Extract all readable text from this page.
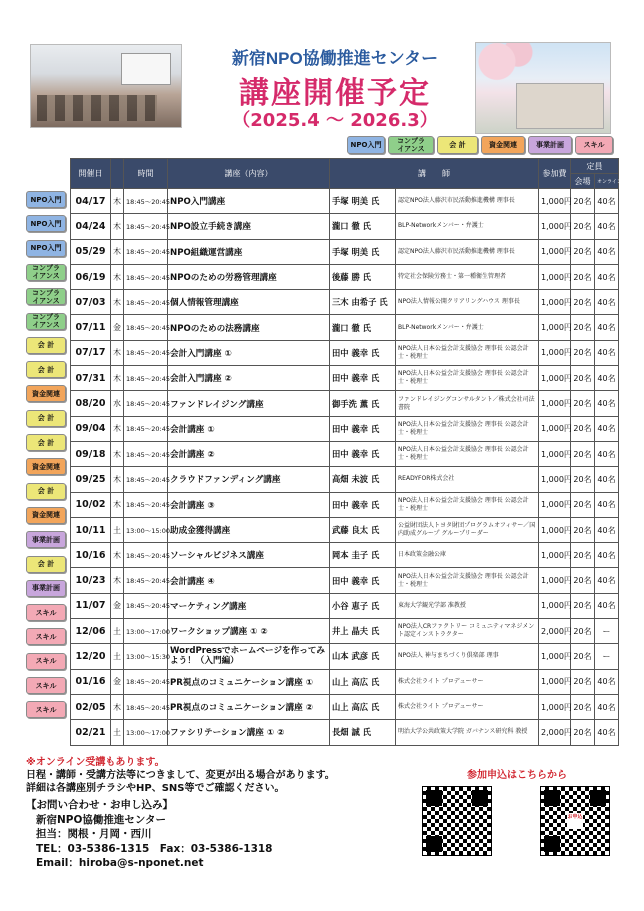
新宿NPO協働推進センター
講座開催予定
（2025.4 ～ 2026.3）
NPO入門	コンプラ
イアンス	会 計	資金関連	事業計画	スキル
開催日		時間	講座（内容）	講　　師		参加費	定員	
							会場	オンライン
04/17	木	18:45～20:45	NPO入門講座	手塚 明美 氏	認定NPO法人藤沢市民活動推進機構 理事長	1,000円	20名	40名
04/24	木	18:45～20:45	NPO設立手続き講座	瀧口 徹 氏	BLP-Networkメンバー・弁護士	1,000円	20名	40名
05/29	木	18:45～20:45	NPO組織運営講座	手塚 明美 氏	認定NPO法人藤沢市民活動推進機構 理事長	1,000円	20名	40名
06/19	木	18:45～20:45	NPOのための労務管理講座	後藤 勝 氏	特定社会保険労務士・第一種衛生管理者	1,000円	20名	40名
07/03	木	18:45～20:45	個人情報管理講座	三木 由希子 氏	NPO法人情報公開クリアリングハウス 理事長	1,000円	20名	40名
07/11	金	18:45～20:45	NPOのための法務講座	瀧口 徹 氏	BLP-Networkメンバー・弁護士	1,000円	20名	40名
07/17	木	18:45～20:45	会計入門講座 ①	田中 義幸 氏	NPO法人日本公益会計支援協会 理事長 公認会計士・税理士	1,000円	20名	40名
07/31	木	18:45～20:45	会計入門講座 ②	田中 義幸 氏	NPO法人日本公益会計支援協会 理事長 公認会計士・税理士	1,000円	20名	40名
08/20	水	18:45～20:45	ファンドレイジング講座	御手洗 薫 氏	ファンドレイジングコンサルタント／株式会社司法書院	1,000円	20名	40名
09/04	木	18:45～20:45	会計講座 ①	田中 義幸 氏	NPO法人日本公益会計支援協会 理事長 公認会計士・税理士	1,000円	20名	40名
09/18	木	18:45～20:45	会計講座 ②	田中 義幸 氏	NPO法人日本公益会計支援協会 理事長 公認会計士・税理士	1,000円	20名	40名
09/25	木	18:45～20:45	クラウドファンディング講座	高畑 未波 氏	READYFOR株式会社	1,000円	20名	40名
10/02	木	18:45～20:45	会計講座 ③	田中 義幸 氏	NPO法人日本公益会計支援協会 理事長 公認会計士・税理士	1,000円	20名	40名
10/11	土	13:00～15:00	助成金獲得講座	武藤 良太 氏	公益財団法人トヨタ財団プログラムオフィサー／国内助成グループ グループリーダー	1,000円	20名	40名
10/16	木	18:45～20:45	ソーシャルビジネス講座	岡本 圭子 氏	日本政策金融公庫	1,000円	20名	40名
10/23	木	18:45～20:45	会計講座 ④	田中 義幸 氏	NPO法人日本公益会計支援協会 理事長 公認会計士・税理士	1,000円	20名	40名
11/07	金	18:45～20:45	マーケティング講座	小谷 恵子 氏	東海大学観光学部 准教授	1,000円	20名	40名
12/06	土	13:00～17:00	ワークショップ講座 ① ②	井上 晶夫 氏	NPO法人CRファクトリー コミュニティマネジメント認定インストラクター	2,000円	20名	ー
12/20	土	13:00～15:30	WordPressでホームページを作ってみよう！（入門編）	山本 武彦 氏	NPO法人 神与まちづくり倶楽部 理事	1,000円	20名	ー
01/16	金	18:45～20:45	PR視点のコミュニケーション講座 ①	山上 高広 氏	株式会社ライト プロデューサー	1,000円	20名	40名
02/05	木	18:45～20:45	PR視点のコミュニケーション講座 ②	山上 高広 氏	株式会社ライト プロデューサー	1,000円	20名	40名
02/21	土	13:00～17:00	ファシリテーション講座 ① ②	長畑 誠 氏	明治大学公共政策大学院 ガバナンス研究科 教授	2,000円	20名	40名
NPO入門
NPO入門
NPO入門
コンプラ
イアンス
コンプラ
イアンス
コンプラ
イアンス
会 計
会 計
資金関連
会 計
会 計
資金関連
会 計
資金関連
事業計画
会 計
事業計画
スキル
スキル
スキル
スキル
スキル
※オンライン受講もあります。
日程・講師・受講方法等につきまして、変更が出る場合があります。
詳細は各講座別チラシやHP、SNS等でご確認ください。
【お問い合わせ・お申し込み】
新宿NPO協働推進センター
担当：関根・月岡・西川
TEL：03-5386-1315　Fax：03-5386-1318
Email：hiroba@s-nponet.net
参加申込はこちらから
お申込
